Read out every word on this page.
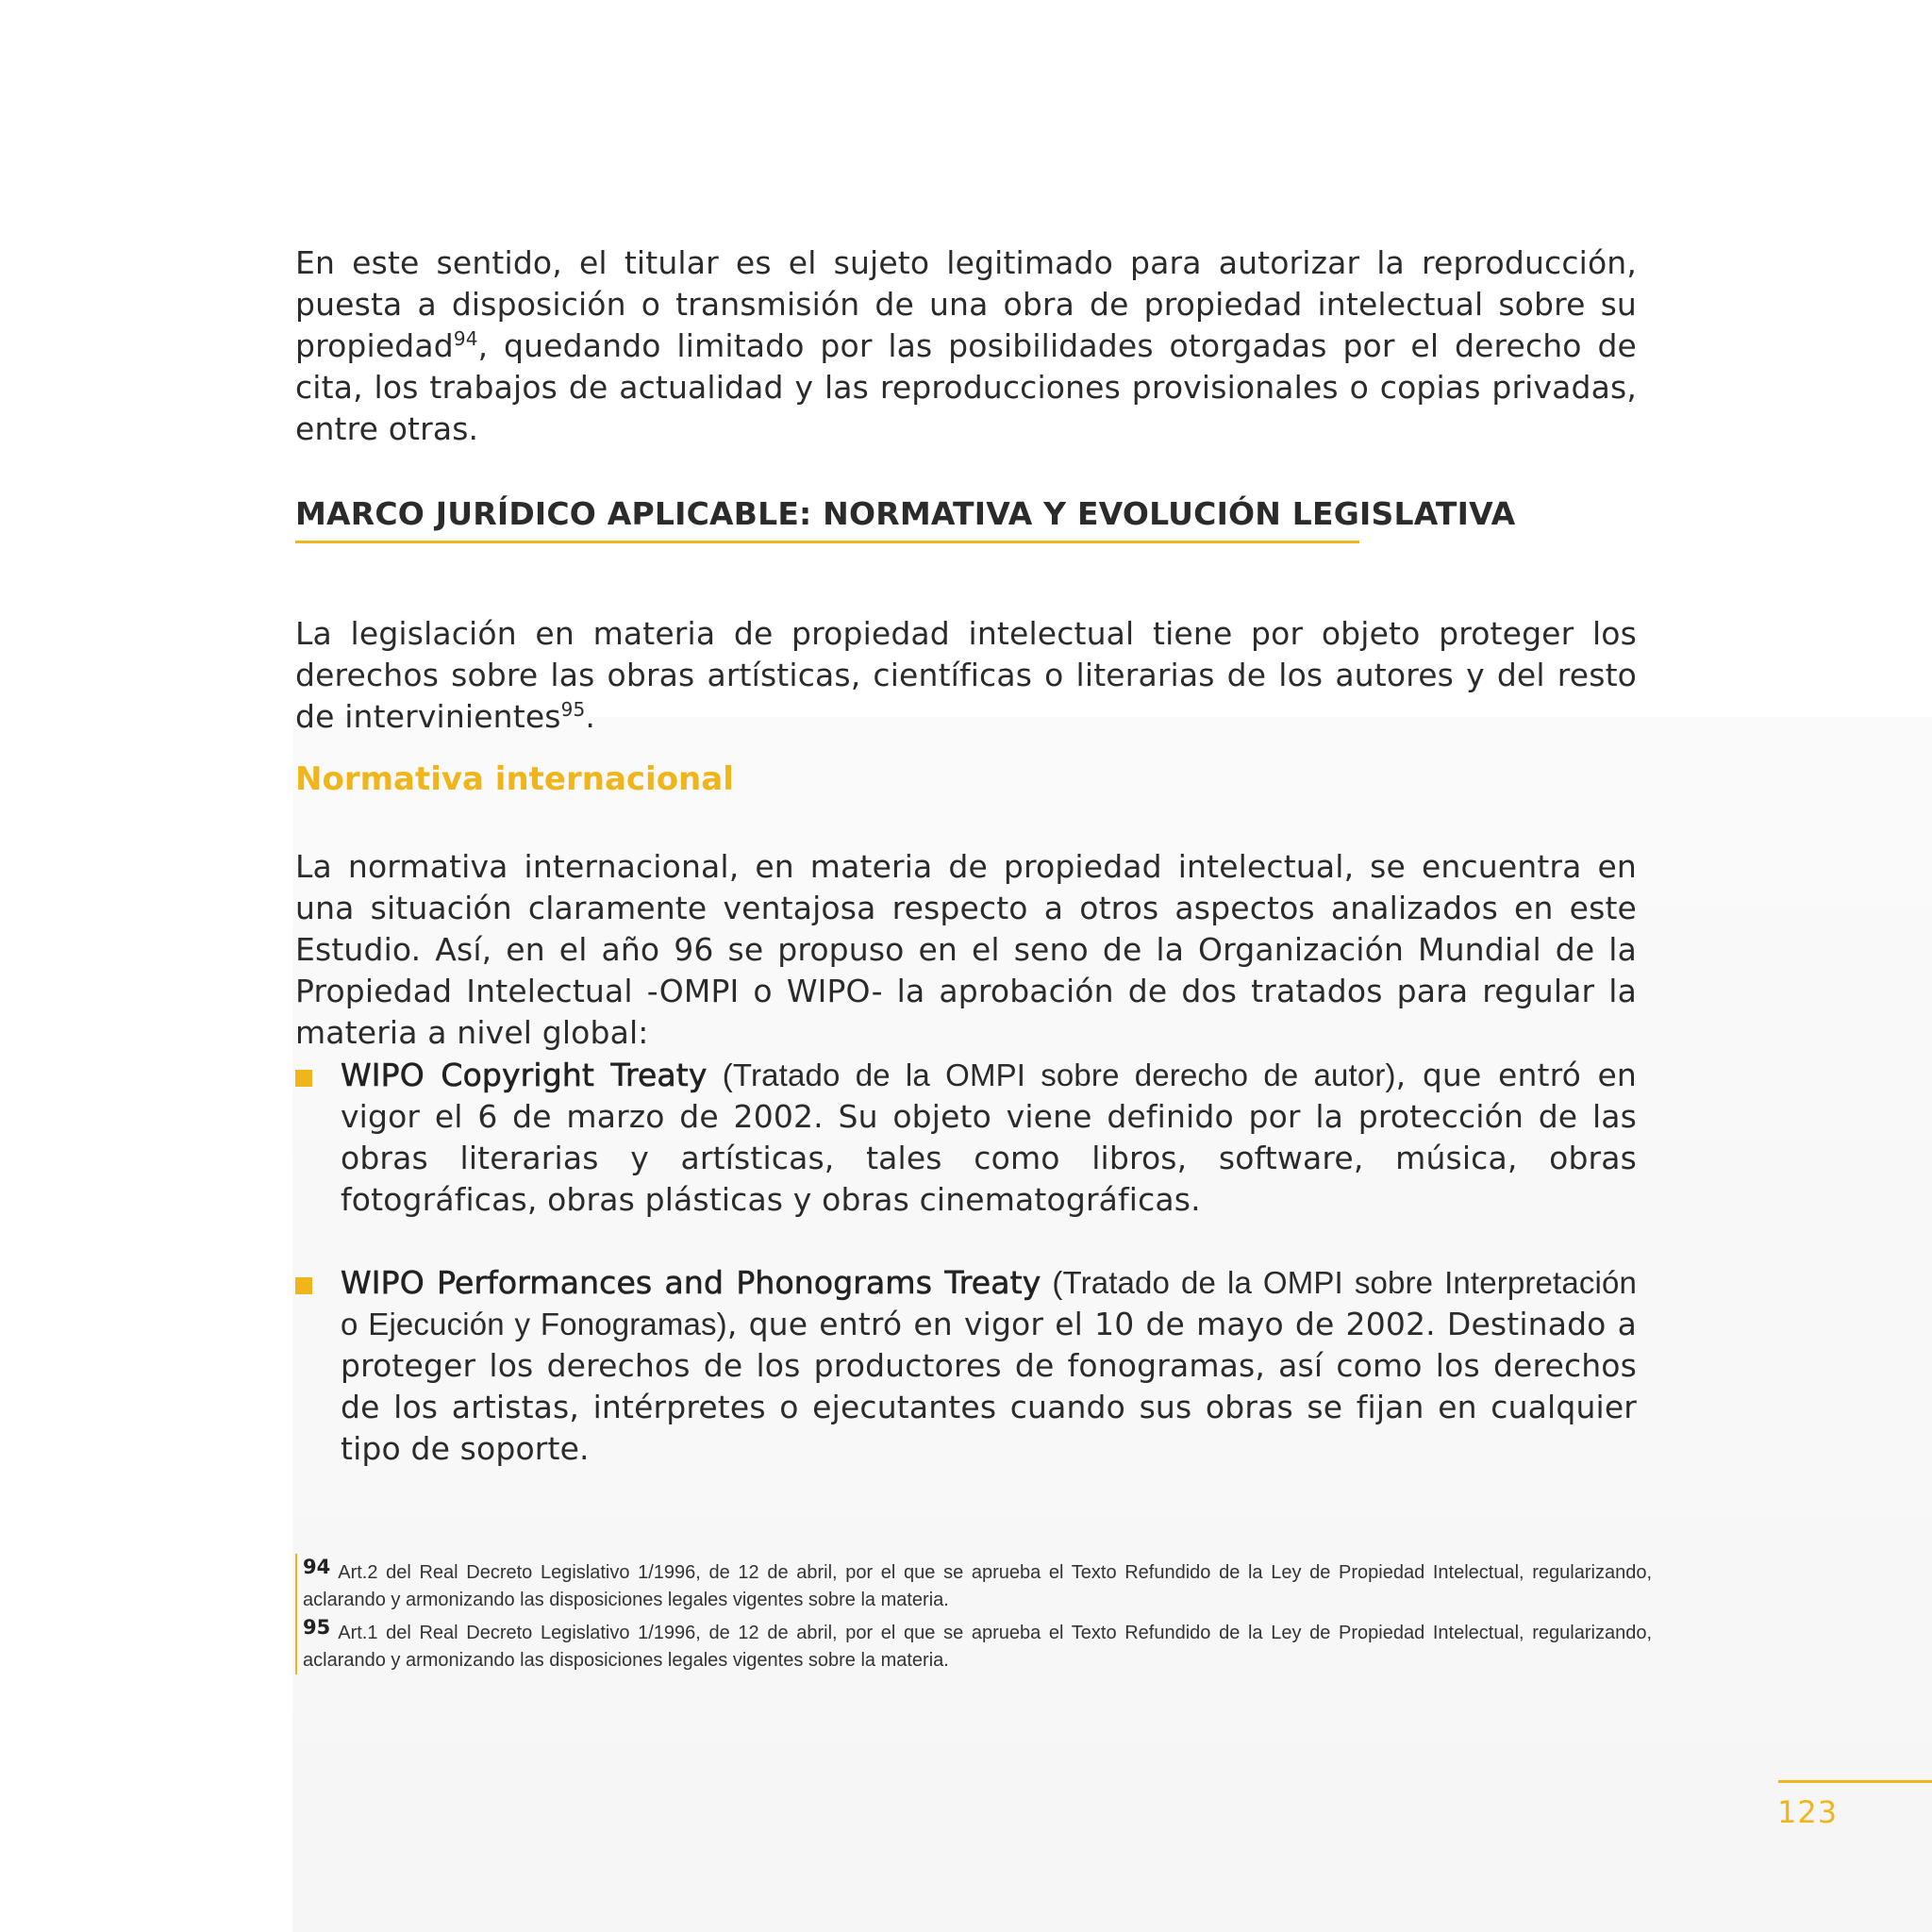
En este sentido, el titular es el sujeto legitimado para autorizar la reproducción, puesta a disposición o transmisión de una obra de propiedad intelectual sobre su propiedad$^{94}$, quedando limitado por las posibilidades otorgadas por el derecho de cita, los trabajos de actualidad y las reproducciones provisionales o copias privadas, entre otras.

MARCO JURÍDICO APLICABLE: NORMATIVA Y EVOLUCIÓN LEGISLATIVA

La legislación en materia de propiedad intelectual tiene por objeto proteger los derechos sobre las obras artísticas, científicas o literarias de los autores y del resto de intervinientes$^{95}$.

Normativa internacional

La normativa internacional, en materia de propiedad intelectual, se encuentra en una situación claramente ventajosa respecto a otros aspectos analizados en este Estudio. Así, en el año 96 se propuso en el seno de la Organización Mundial de la Propiedad Intelectual -OMPI o WIPO- la aprobación de dos tratados para regular la materia a nivel global:

WIPO Copyright Treaty (Tratado de la OMPI sobre derecho de autor), que entró en vigor el 6 de marzo de 2002. Su objeto viene definido por la protección de las obras literarias y artísticas, tales como libros, software, música, obras fotográficas, obras plásticas y obras cinematográficas.
WIPO Performances and Phonograms Treaty (Tratado de la OMPI sobre Interpretación o Ejecución y Fonogramas), que entró en vigor el 10 de mayo de 2002. Destinado a proteger los derechos de los productores de fonogramas, así como los derechos de los artistas, intérpretes o ejecutantes cuando sus obras se fijan en cualquier tipo de soporte.

94 Art.2 del Real Decreto Legislativo 1/1996, de 12 de abril, por el que se aprueba el Texto Refundido de la Ley de Propiedad Intelectual, regularizando, aclarando y armonizando las disposiciones legales vigentes sobre la materia.

95 Art.1 del Real Decreto Legislativo 1/1996, de 12 de abril, por el que se aprueba el Texto Refundido de la Ley de Propiedad Intelectual, regularizando, aclarando y armonizando las disposiciones legales vigentes sobre la materia.

123
